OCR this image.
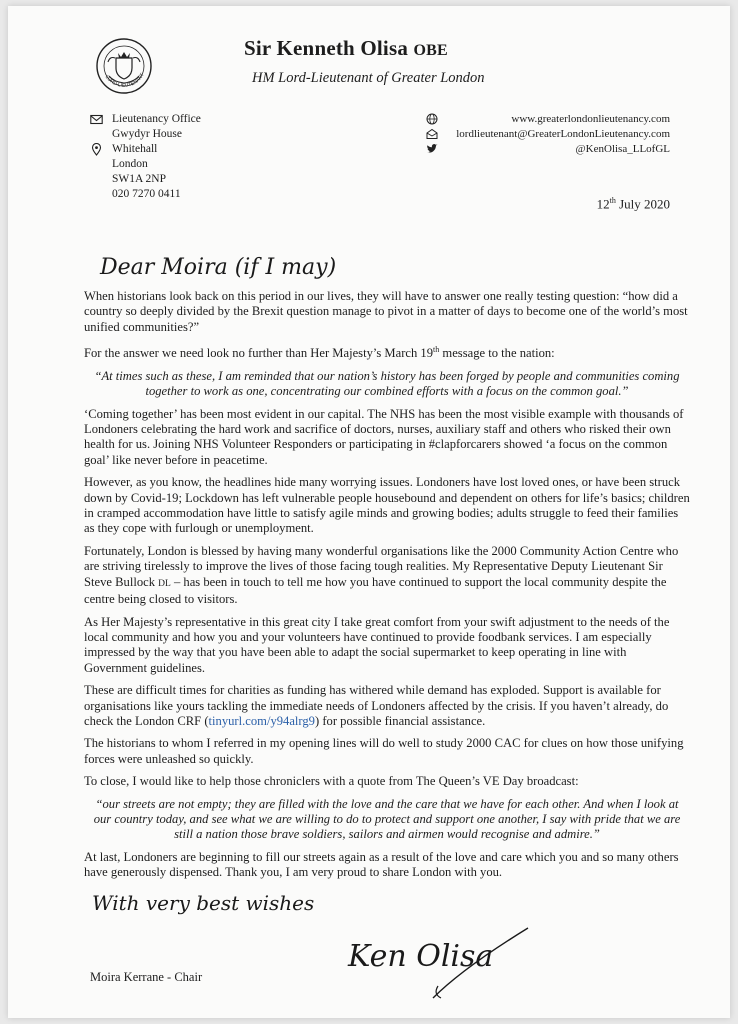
LORD-LIEUTENANT
Sir Kenneth Olisa OBE
HM Lord-Lieutenant of Greater London
Lieutenancy Office
Gwydyr House
Whitehall
London
SW1A 2NP
020 7270 0411
www.greaterlondonlieutenancy.com
lordlieutenant@GreaterLondonLieutenancy.com
@KenOlisa_LLofGL
12th July 2020
Dear Moira (if I may)

When historians look back on this period in our lives, they will have to answer one really testing question: “how did a country so deeply divided by the Brexit question manage to pivot in a matter of days to become one of the world’s most unified communities?”

For the answer we need look no further than Her Majesty’s March 19th message to the nation:

“At times such as these, I am reminded that our nation’s history has been forged by people and communities coming together to work as one, concentrating our combined efforts with a focus on the common goal.”

‘Coming together’ has been most evident in our capital. The NHS has been the most visible example with thousands of Londoners celebrating the hard work and sacrifice of doctors, nurses, auxiliary staff and others who risked their own health for us. Joining NHS Volunteer Responders or participating in #clapforcarers showed ‘a focus on the common goal’ like never before in peacetime.

However, as you know, the headlines hide many worrying issues. Londoners have lost loved ones, or have been struck down by Covid-19; Lockdown has left vulnerable people housebound and dependent on others for life’s basics; children in cramped accommodation have little to satisfy agile minds and growing bodies; adults struggle to feed their families as they cope with furlough or unemployment.

Fortunately, London is blessed by having many wonderful organisations like the 2000 Community Action Centre who are striving tirelessly to improve the lives of those facing tough realities. My Representative Deputy Lieutenant Sir Steve Bullock DL – has been in touch to tell me how you have continued to support the local community despite the centre being closed to visitors.

As Her Majesty’s representative in this great city I take great comfort from your swift adjustment to the needs of the local community and how you and your volunteers have continued to provide foodbank services. I am especially impressed by the way that you have been able to adapt the social supermarket to keep operating in line with Government guidelines.

These are difficult times for charities as funding has withered while demand has exploded. Support is available for organisations like yours tackling the immediate needs of Londoners affected by the crisis. If you haven’t already, do check the London CRF (tinyurl.com/y94alrg9) for possible financial assistance.

The historians to whom I referred in my opening lines will do well to study 2000 CAC for clues on how those unifying forces were unleashed so quickly.

To close, I would like to help those chroniclers with a quote from The Queen’s VE Day broadcast:

“our streets are not empty; they are filled with the love and the care that we have for each other. And when I look at our country today, and see what we are willing to do to protect and support one another, I say with pride that we are still a nation those brave soldiers, sailors and airmen would recognise and admire.”

At last, Londoners are beginning to fill our streets again as a result of the love and care which you and so many others have generously dispensed. Thank you, I am very proud to share London with you.

With very best wishes
Ken Olisa
Moira Kerrane - Chair
